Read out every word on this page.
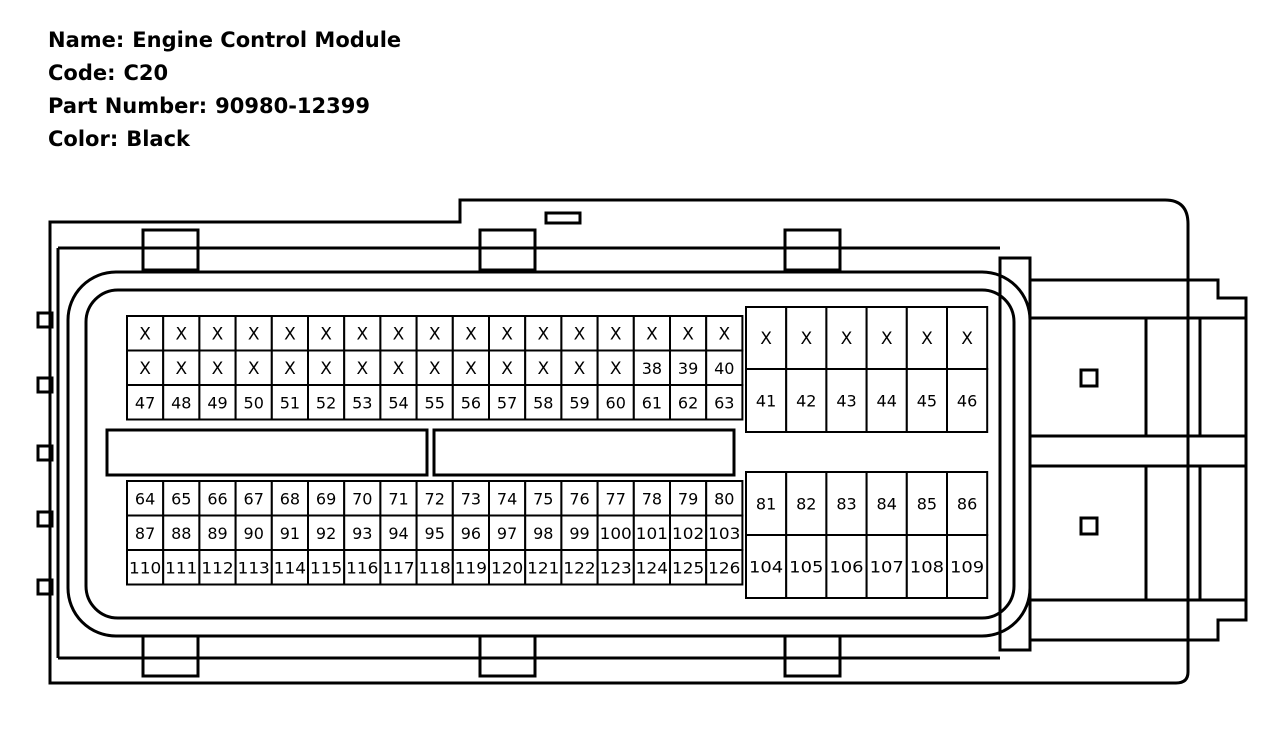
Name: Engine Control Module
Code: C20
Part Number: 90980-12399
Color: Black
X X X X X X X X X X X X X X X X X
X X X X X X X X X X X X X X 38 39 40
47 48 49 50 51 52 53 54 55 56 57 58 59 60 61 62 63
64 65 66 67 68 69 70 71 72 73 74 75 76 77 78 79 80
87 88 89 90 91 92 93 94 95 96 97 98 99 100 101 102 103
110 111 112 113 114 115 116 117 118 119 120 121 122 123 124 125 126
X X X X X X
41 42 43 44 45 46
81 82 83 84 85 86
104 105 106 107 108 109
